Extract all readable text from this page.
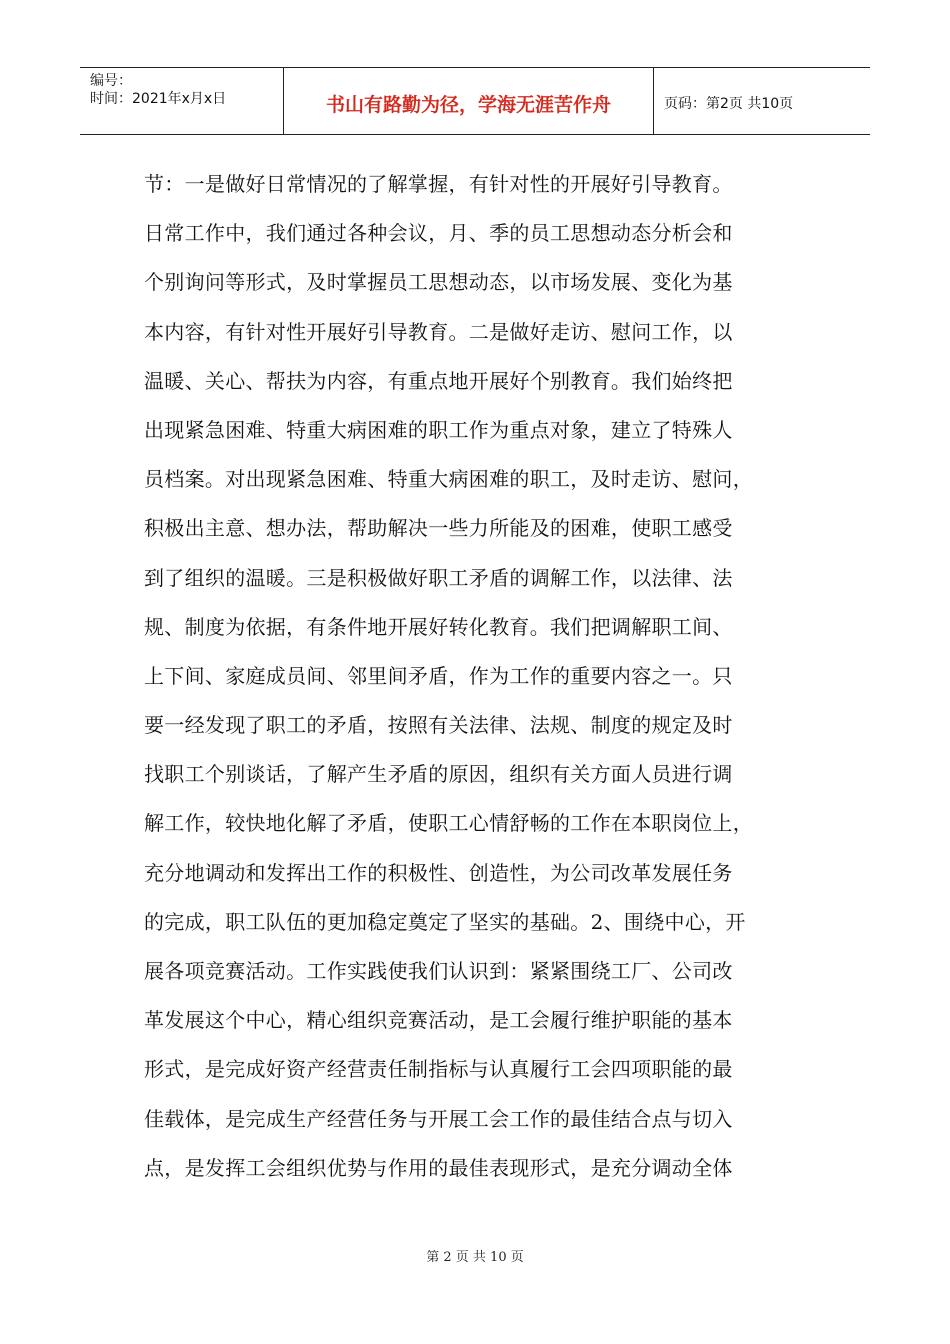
编号：
时间：2021年x月x日	书山有路勤为径，学海无涯苦作舟	页码：第2页 共10页
节：一是做好日常情况的了解掌握，有针对性的开展好引导教育。
日常工作中，我们通过各种会议，月、季的员工思想动态分析会和
个别询问等形式，及时掌握员工思想动态，以市场发展、变化为基
本内容，有针对性开展好引导教育。二是做好走访、慰问工作，以
温暖、关心、帮扶为内容，有重点地开展好个别教育。我们始终把
出现紧急困难、特重大病困难的职工作为重点对象，建立了特殊人
员档案。对出现紧急困难、特重大病困难的职工，及时走访、慰问，
积极出主意、想办法，帮助解决一些力所能及的困难，使职工感受
到了组织的温暖。三是积极做好职工矛盾的调解工作，以法律、法
规、制度为依据，有条件地开展好转化教育。我们把调解职工间、
上下间、家庭成员间、邻里间矛盾，作为工作的重要内容之一。只
要一经发现了职工的矛盾，按照有关法律、法规、制度的规定及时
找职工个别谈话，了解产生矛盾的原因，组织有关方面人员进行调
解工作，较快地化解了矛盾，使职工心情舒畅的工作在本职岗位上，
充分地调动和发挥出工作的积极性、创造性，为公司改革发展任务
的完成，职工队伍的更加稳定奠定了坚实的基础。2、围绕中心，开
展各项竞赛活动。工作实践使我们认识到：紧紧围绕工厂、公司改
革发展这个中心，精心组织竞赛活动，是工会履行维护职能的基本
形式，是完成好资产经营责任制指标与认真履行工会四项职能的最
佳载体，是完成生产经营任务与开展工会工作的最佳结合点与切入
点，是发挥工会组织优势与作用的最佳表现形式，是充分调动全体
第 2 页 共 10 页
